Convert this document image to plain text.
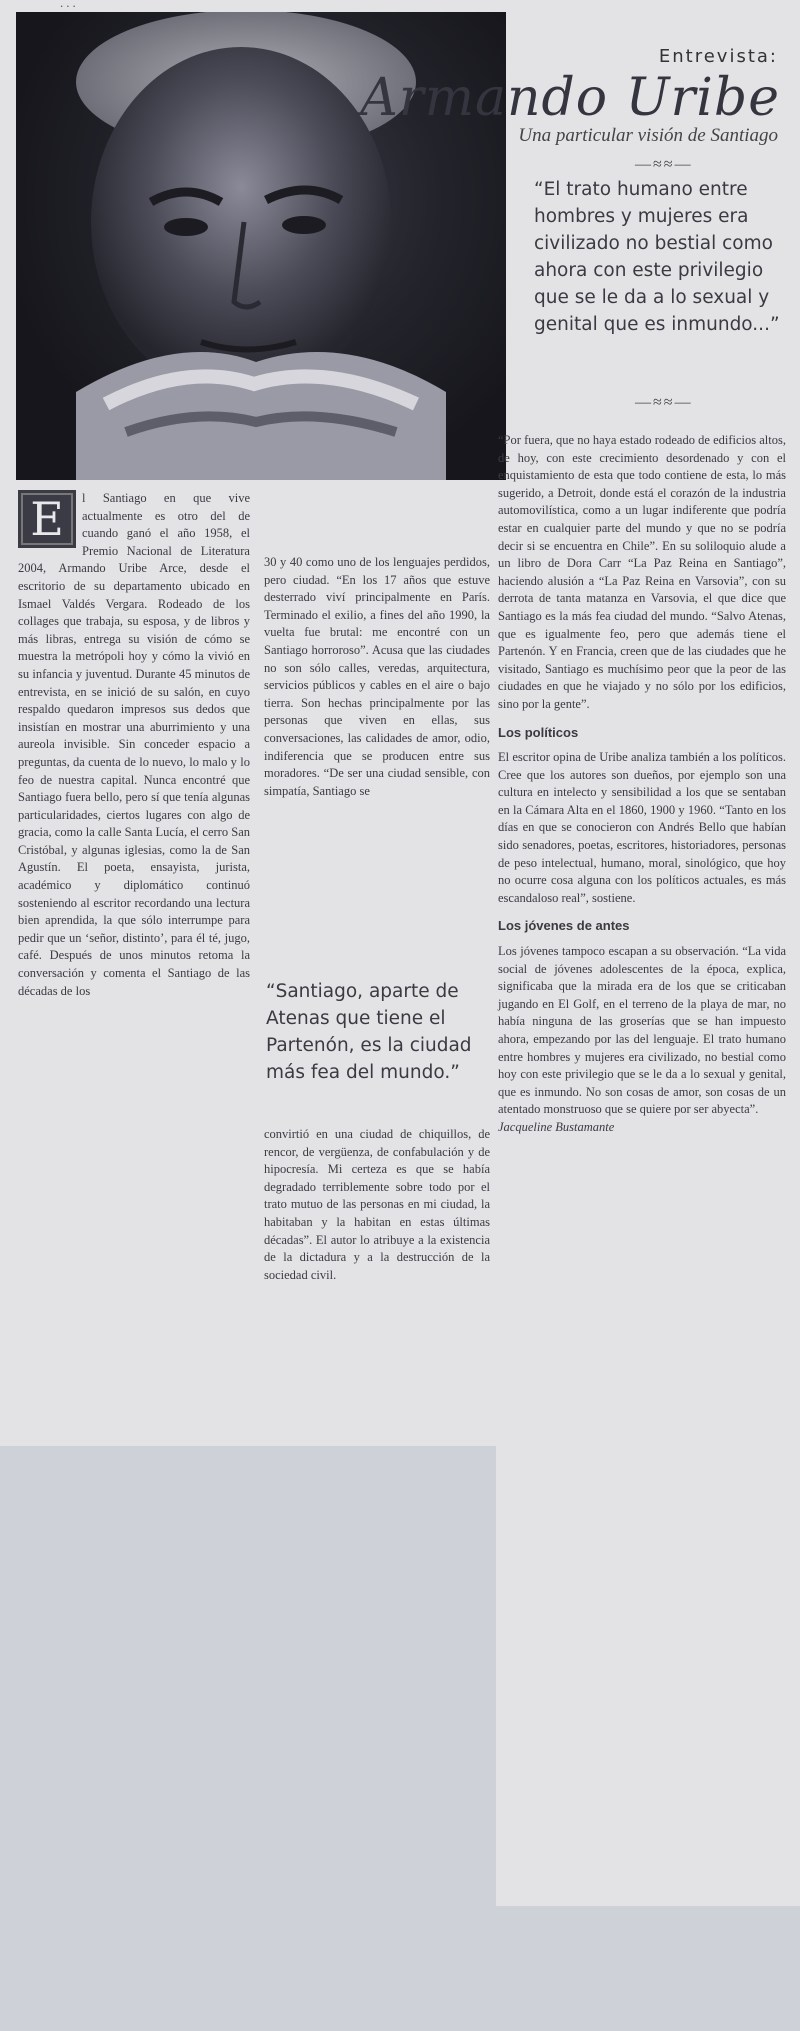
...
Entrevista:
Armando Uribe
Una particular visión de Santiago
—≈≈—
“El trato humano entre hombres y mujeres era civilizado no bestial como ahora con este privilegio que se le da a lo sexual y genital que es inmundo...”
—≈≈—
E	l Santiago en que vive actualmente es otro del de cuando ganó el año 1958, el Premio Nacional de Literatura 2004, Armando Uribe Arce, desde el escritorio de su departamento ubicado en Ismael Valdés Vergara. Rodeado de los collages que trabaja, su esposa, y de libros y más libras, entrega su visión de cómo se muestra la metrópoli hoy y cómo la vivió en su infancia y juventud. Durante 45 minutos de entrevista, en se inició de su salón, en cuyo respaldo quedaron impresos sus dedos que insistían en mostrar una aburrimiento y una aureola invisible. Sin conceder espacio a preguntas, da cuenta de lo nuevo, lo malo y lo feo de nuestra capital. Nunca encontré que Santiago fuera bello, pero sí que tenía algunas particularidades, ciertos lugares con algo de gracia, como la calle Santa Lucía, el cerro San Cristóbal, y algunas iglesias, como la de San Agustín. El poeta, ensayista, jurista, académico y diplomático continuó sosteniendo al escritor recordando una lectura bien aprendida, la que sólo interrumpe para pedir que un ‘señor, distinto’, para él té, jugo, café. Después de unos minutos retoma la conversación y comenta el Santiago de las décadas de los
30 y 40 como uno de los lenguajes perdidos, pero ciudad. “En los 17 años que estuve desterrado viví principalmente en París. Terminado el exilio, a fines del año 1990, la vuelta fue brutal: me encontré con un Santiago horroroso”. Acusa que las ciudades no son sólo calles, veredas, arquitectura, servicios públicos y cables en el aire o bajo tierra. Son hechas principalmente por las personas que viven en ellas, sus conversaciones, las calidades de amor, odio, indiferencia que se producen entre sus moradores. “De ser una ciudad sensible, con simpatía, Santiago se
“Santiago, aparte de Atenas que tiene el Partenón, es la ciudad más fea del mundo.”
convirtió en una ciudad de chiquillos, de rencor, de vergüenza, de confabulación y de hipocresía. Mi certeza es que se había degradado terriblemente sobre todo por el trato mutuo de las personas en mi ciudad, la habitaban y la habitan en estas últimas décadas”. El autor lo atribuye a la existencia de la dictadura y a la destrucción de la sociedad civil.

“Por fuera, que no haya estado rodeado de edificios altos, de hoy, con este crecimiento desordenado y con el enquistamiento de esta que todo contiene de esta, lo más sugerido, a Detroit, donde está el corazón de la industria automovilística, como a un lugar indiferente que podría estar en cualquier parte del mundo y que no se podría decir si se encuentra en Chile”. En su soliloquio alude a un libro de Dora Carr “La Paz Reina en Santiago”, haciendo alusión a “La Paz Reina en Varsovia”, con su derrota de tanta matanza en Varsovia, el que dice que Santiago es la más fea ciudad del mundo. “Salvo Atenas, que es igualmente feo, pero que además tiene el Partenón. Y en Francia, creen que de las ciudades que he visitado, Santiago es muchísimo peor que la peor de las ciudades en que he viajado y no sólo por los edificios, sino por la gente”.

Los políticos

El escritor opina de Uribe analiza también a los políticos. Cree que los autores son dueños, por ejemplo son una cultura en intelecto y sensibilidad a los que se sentaban en la Cámara Alta en el 1860, 1900 y 1960. “Tanto en los días en que se conocieron con Andrés Bello que habían sido senadores, poetas, escritores, historiadores, personas de peso intelectual, humano, moral, sinológico, que hoy no ocurre cosa alguna con los políticos actuales, es más escandaloso real”, sostiene.

Los jóvenes de antes

Los jóvenes tampoco escapan a su observación. “La vida social de jóvenes adolescentes de la época, explica, significaba que la mirada era de los que se criticaban jugando en El Golf, en el terreno de la playa de mar, no había ninguna de las groserías que se han impuesto ahora, empezando por las del lenguaje. El trato humano entre hombres y mujeres era civilizado, no bestial como hoy con este privilegio que se le da a lo sexual y genital, que es inmundo. No son cosas de amor, son cosas de un atentado monstruoso que se quiere por ser abyecta”.

Jacqueline Bustamante
